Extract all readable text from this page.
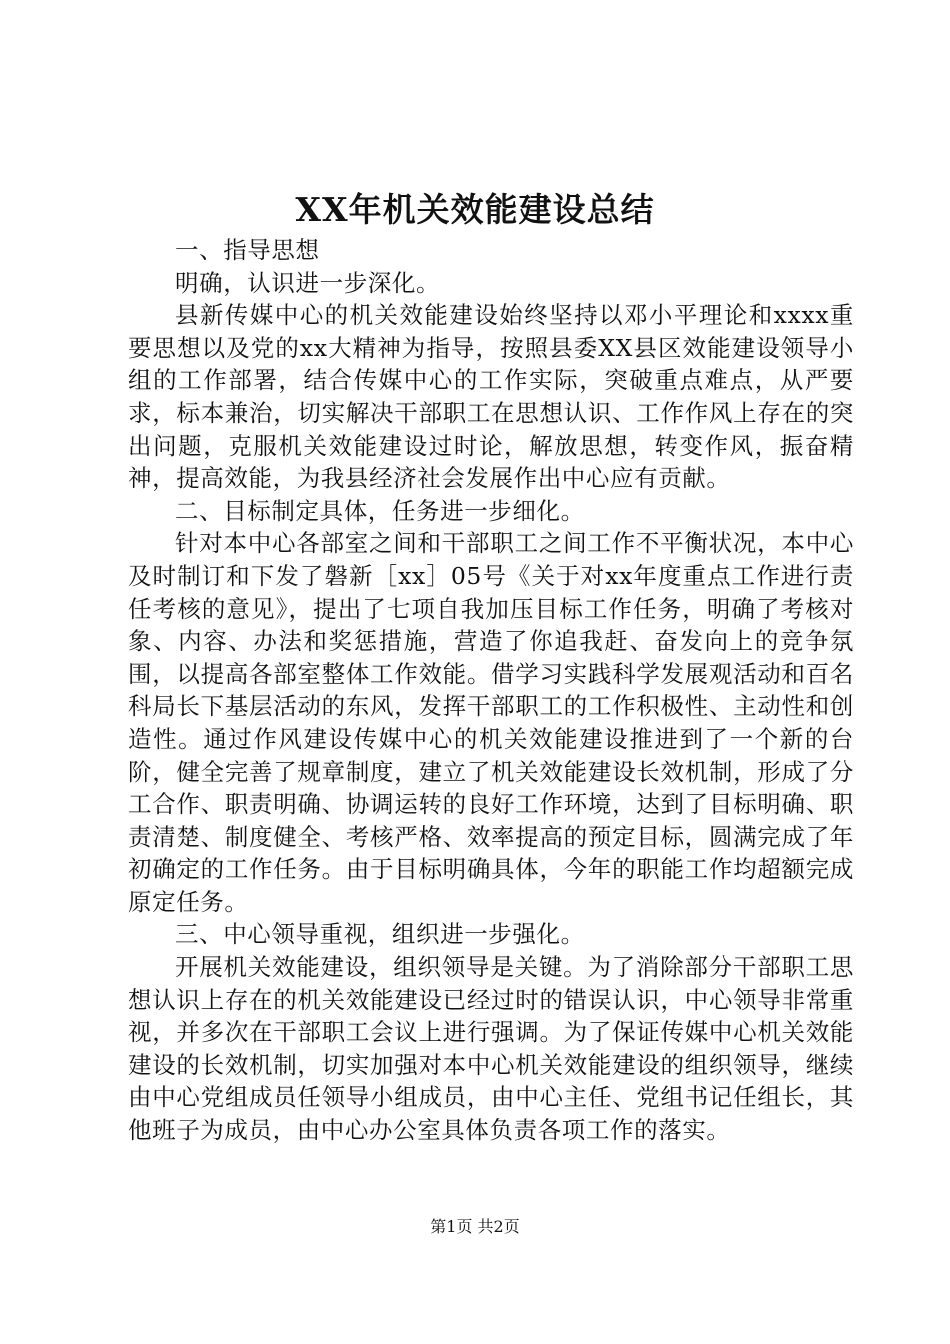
XX年机关效能建设总结

一、指导思想

明确，认识进一步深化。

县新传媒中心的机关效能建设始终坚持以邓小平理论和xxxx重要思想以及党的xx大精神为指导，按照县委XX县区效能建设领导小组的工作部署，结合传媒中心的工作实际，突破重点难点，从严要求，标本兼治，切实解决干部职工在思想认识、工作作风上存在的突出问题，克服机关效能建设过时论，解放思想，转变作风，振奋精神，提高效能，为我县经济社会发展作出中心应有贡献。

二、目标制定具体，任务进一步细化。

针对本中心各部室之间和干部职工之间工作不平衡状况，本中心及时制订和下发了磐新［xx］05号《关于对xx年度重点工作进行责任考核的意见》，提出了七项自我加压目标工作任务，明确了考核对象、内容、办法和奖惩措施，营造了你追我赶、奋发向上的竞争氛围，以提高各部室整体工作效能。借学习实践科学发展观活动和百名科局长下基层活动的东风，发挥干部职工的工作积极性、主动性和创造性。通过作风建设传媒中心的机关效能建设推进到了一个新的台阶，健全完善了规章制度，建立了机关效能建设长效机制，形成了分工合作、职责明确、协调运转的良好工作环境，达到了目标明确、职责清楚、制度健全、考核严格、效率提高的预定目标，圆满完成了年初确定的工作任务。由于目标明确具体，今年的职能工作均超额完成原定任务。

三、中心领导重视，组织进一步强化。

开展机关效能建设，组织领导是关键。为了消除部分干部职工思想认识上存在的机关效能建设已经过时的错误认识，中心领导非常重视，并多次在干部职工会议上进行强调。为了保证传媒中心机关效能建设的长效机制，切实加强对本中心机关效能建设的组织领导，继续由中心党组成员任领导小组成员，由中心主任、党组书记任组长，其他班子为成员，由中心办公室具体负责各项工作的落实。

第1页 共2页
